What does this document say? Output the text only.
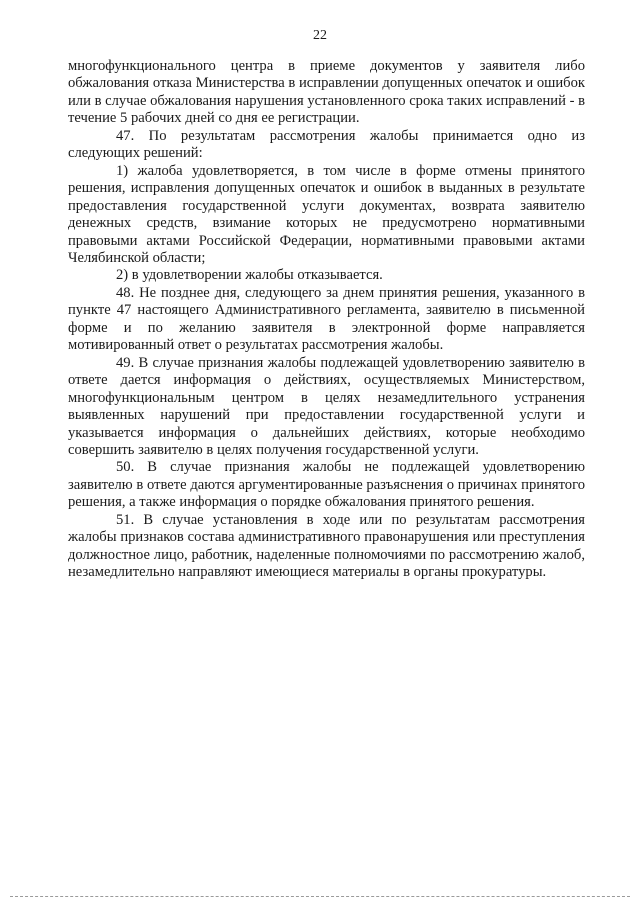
22

многофункционального центра в приеме документов у заявителя либо обжалования отказа Министерства в исправлении допущенных опечаток и ошибок или в случае обжалования нарушения установленного срока таких исправлений - в течение 5 рабочих дней со дня ее регистрации.

47. По результатам рассмотрения жалобы принимается одно из следующих решений:

1) жалоба удовлетворяется, в том числе в форме отмены принятого решения, исправления допущенных опечаток и ошибок в выданных в результате предоставления государственной услуги документах, возврата заявителю денежных средств, взимание которых не предусмотрено нормативными правовыми актами Российской Федерации, нормативными правовыми актами Челябинской области;

2) в удовлетворении жалобы отказывается.

48. Не позднее дня, следующего за днем принятия решения, указанного в пункте 47 настоящего Административного регламента, заявителю в письменной форме и по желанию заявителя в электронной форме направляется мотивированный ответ о результатах рассмотрения жалобы.

49. В случае признания жалобы подлежащей удовлетворению заявителю в ответе дается информация о действиях, осуществляемых Министерством, многофункциональным центром в целях незамедлительного устранения выявленных нарушений при предоставлении государственной услуги и указывается информация о дальнейших действиях, которые необходимо совершить заявителю в целях получения государственной услуги.

50. В случае признания жалобы не подлежащей удовлетворению заявителю в ответе даются аргументированные разъяснения о причинах принятого решения, а также информация о порядке обжалования принятого решения.

51. В случае установления в ходе или по результатам рассмотрения жалобы признаков состава административного правонарушения или преступления должностное лицо, работник, наделенные полномочиями по рассмотрению жалоб, незамедлительно направляют имеющиеся материалы в органы прокуратуры.
